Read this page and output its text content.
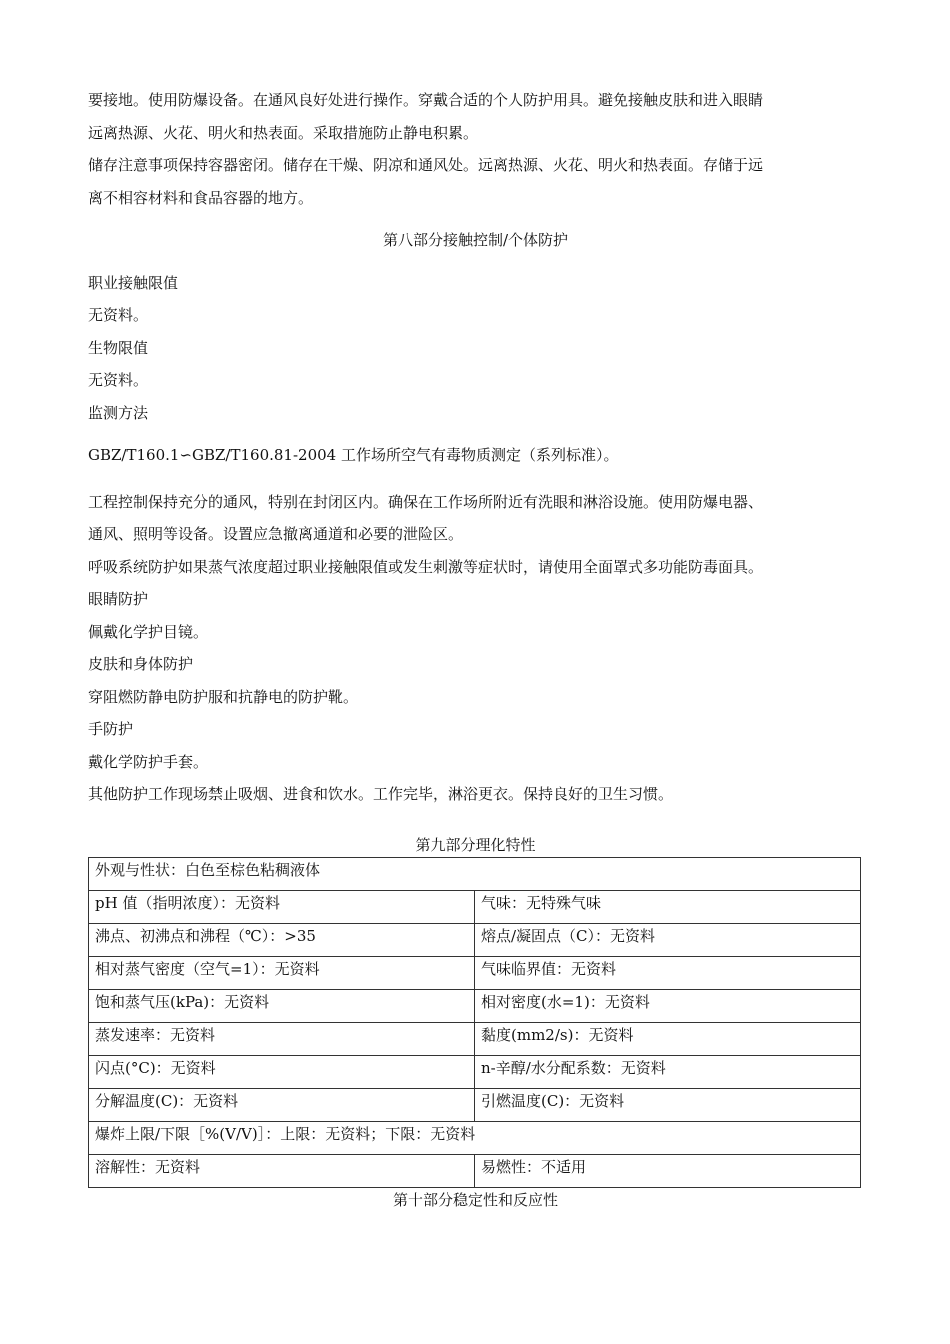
要接地。使用防爆设备。在通风良好处进行操作。穿戴合适的个人防护用具。避免接触皮肤和进入眼睛

远离热源、火花、明火和热表面。采取措施防止静电积累。

储存注意事项保持容器密闭。储存在干燥、阴凉和通风处。远离热源、火花、明火和热表面。存储于远

离不相容材料和食品容器的地方。

第八部分接触控制/个体防护

职业接触限值

无资料。

生物限值

无资料。

监测方法

GBZ/T160.1∽GBZ/T160.81-2004 工作场所空气有毒物质测定（系列标准）。

工程控制保持充分的通风，特别在封闭区内。确保在工作场所附近有洗眼和淋浴设施。使用防爆电器、

通风、照明等设备。设置应急撤离通道和必要的泄险区。

呼吸系统防护如果蒸气浓度超过职业接触限值或发生刺激等症状时，请使用全面罩式多功能防毒面具。

眼睛防护

佩戴化学护目镜。

皮肤和身体防护

穿阻燃防静电防护服和抗静电的防护靴。

手防护

戴化学防护手套。

其他防护工作现场禁止吸烟、进食和饮水。工作完毕，淋浴更衣。保持良好的卫生习惯。

第九部分理化特性
外观与性状：白色至棕色粘稠液体	
pH 值（指明浓度）：无资料	气味：无特殊气味
沸点、初沸点和沸程（℃）：>35	熔点/凝固点（C）：无资料
相对蒸气密度（空气=1）：无资料	气味临界值：无资料
饱和蒸气压(kPa)：无资料	相对密度(水=1)：无资料
蒸发速率：无资料	黏度(mm2/s)：无资料
闪点(°C)：无资料	n-辛醇/水分配系数：无资料
分解温度(C)：无资料	引燃温度(C)：无资料
爆炸上限/下限［%(V/V)］：上限：无资料；下限：无资料	
溶解性：无资料	易燃性：不适用
第十部分稳定性和反应性
